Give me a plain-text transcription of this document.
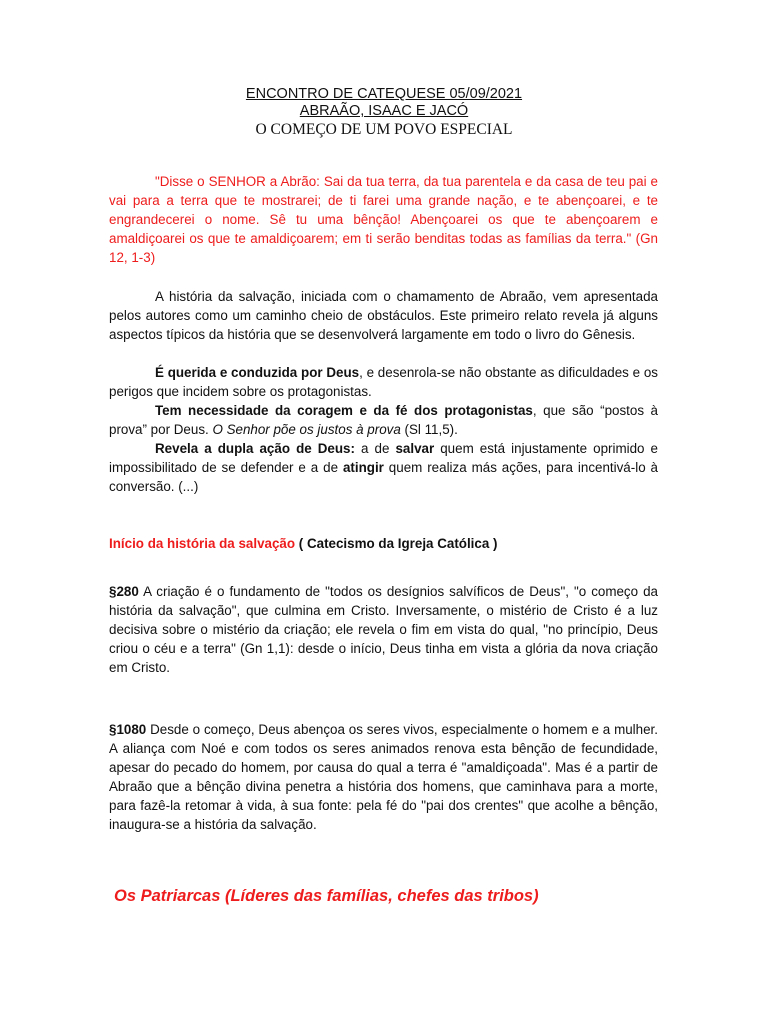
ENCONTRO DE CATEQUESE 05/09/2021
ABRAÃO, ISAAC E JACÓ
O COMEÇO DE UM POVO ESPECIAL

"Disse o SENHOR a Abrão: Sai da tua terra, da tua parentela e da casa de teu pai e vai para a terra que te mostrarei; de ti farei uma grande nação, e te abençoarei, e te engrandecerei o nome. Sê tu uma bênção! Abençoarei os que te abençoarem e amaldiçoarei os que te amaldiçoarem; em ti serão benditas todas as famílias da terra." (Gn 12, 1-3)

A história da salvação, iniciada com o chamamento de Abraão, vem apresentada pelos autores como um caminho cheio de obstáculos. Este primeiro relato revela já alguns aspectos típicos da história que se desenvolverá largamente em todo o livro do Gênesis.

É querida e conduzida por Deus, e desenrola-se não obstante as dificuldades e os perigos que incidem sobre os protagonistas.

Tem necessidade da coragem e da fé dos protagonistas, que são “postos à prova” por Deus. O Senhor põe os justos à prova (Sl 11,5).

Revela a dupla ação de Deus: a de salvar quem está injustamente oprimido e impossibilitado de se defender e a de atingir quem realiza más ações, para incentivá-lo à conversão. (...)

Início da história da salvação ( Catecismo da Igreja Católica )

§280 A criação é o fundamento de "todos os desígnios salvíficos de Deus", "o começo da história da salvação", que culmina em Cristo. Inversamente, o mistério de Cristo é a luz decisiva sobre o mistério da criação; ele revela o fim em vista do qual, "no princípio, Deus criou o céu e a terra" (Gn 1,1): desde o início, Deus tinha em vista a glória da nova criação em Cristo.

§1080 Desde o começo, Deus abençoa os seres vivos, especialmente o homem e a mulher. A aliança com Noé e com todos os seres animados renova esta bênção de fecundidade, apesar do pecado do homem, por causa do qual a terra é "amaldiçoada". Mas é a partir de Abraão que a bênção divina penetra a história dos homens, que caminhava para a morte, para fazê-la retomar à vida, à sua fonte: pela fé do "pai dos crentes" que acolhe a bênção, inaugura-se a história da salvação.

Os Patriarcas (Líderes das famílias, chefes das tribos)
